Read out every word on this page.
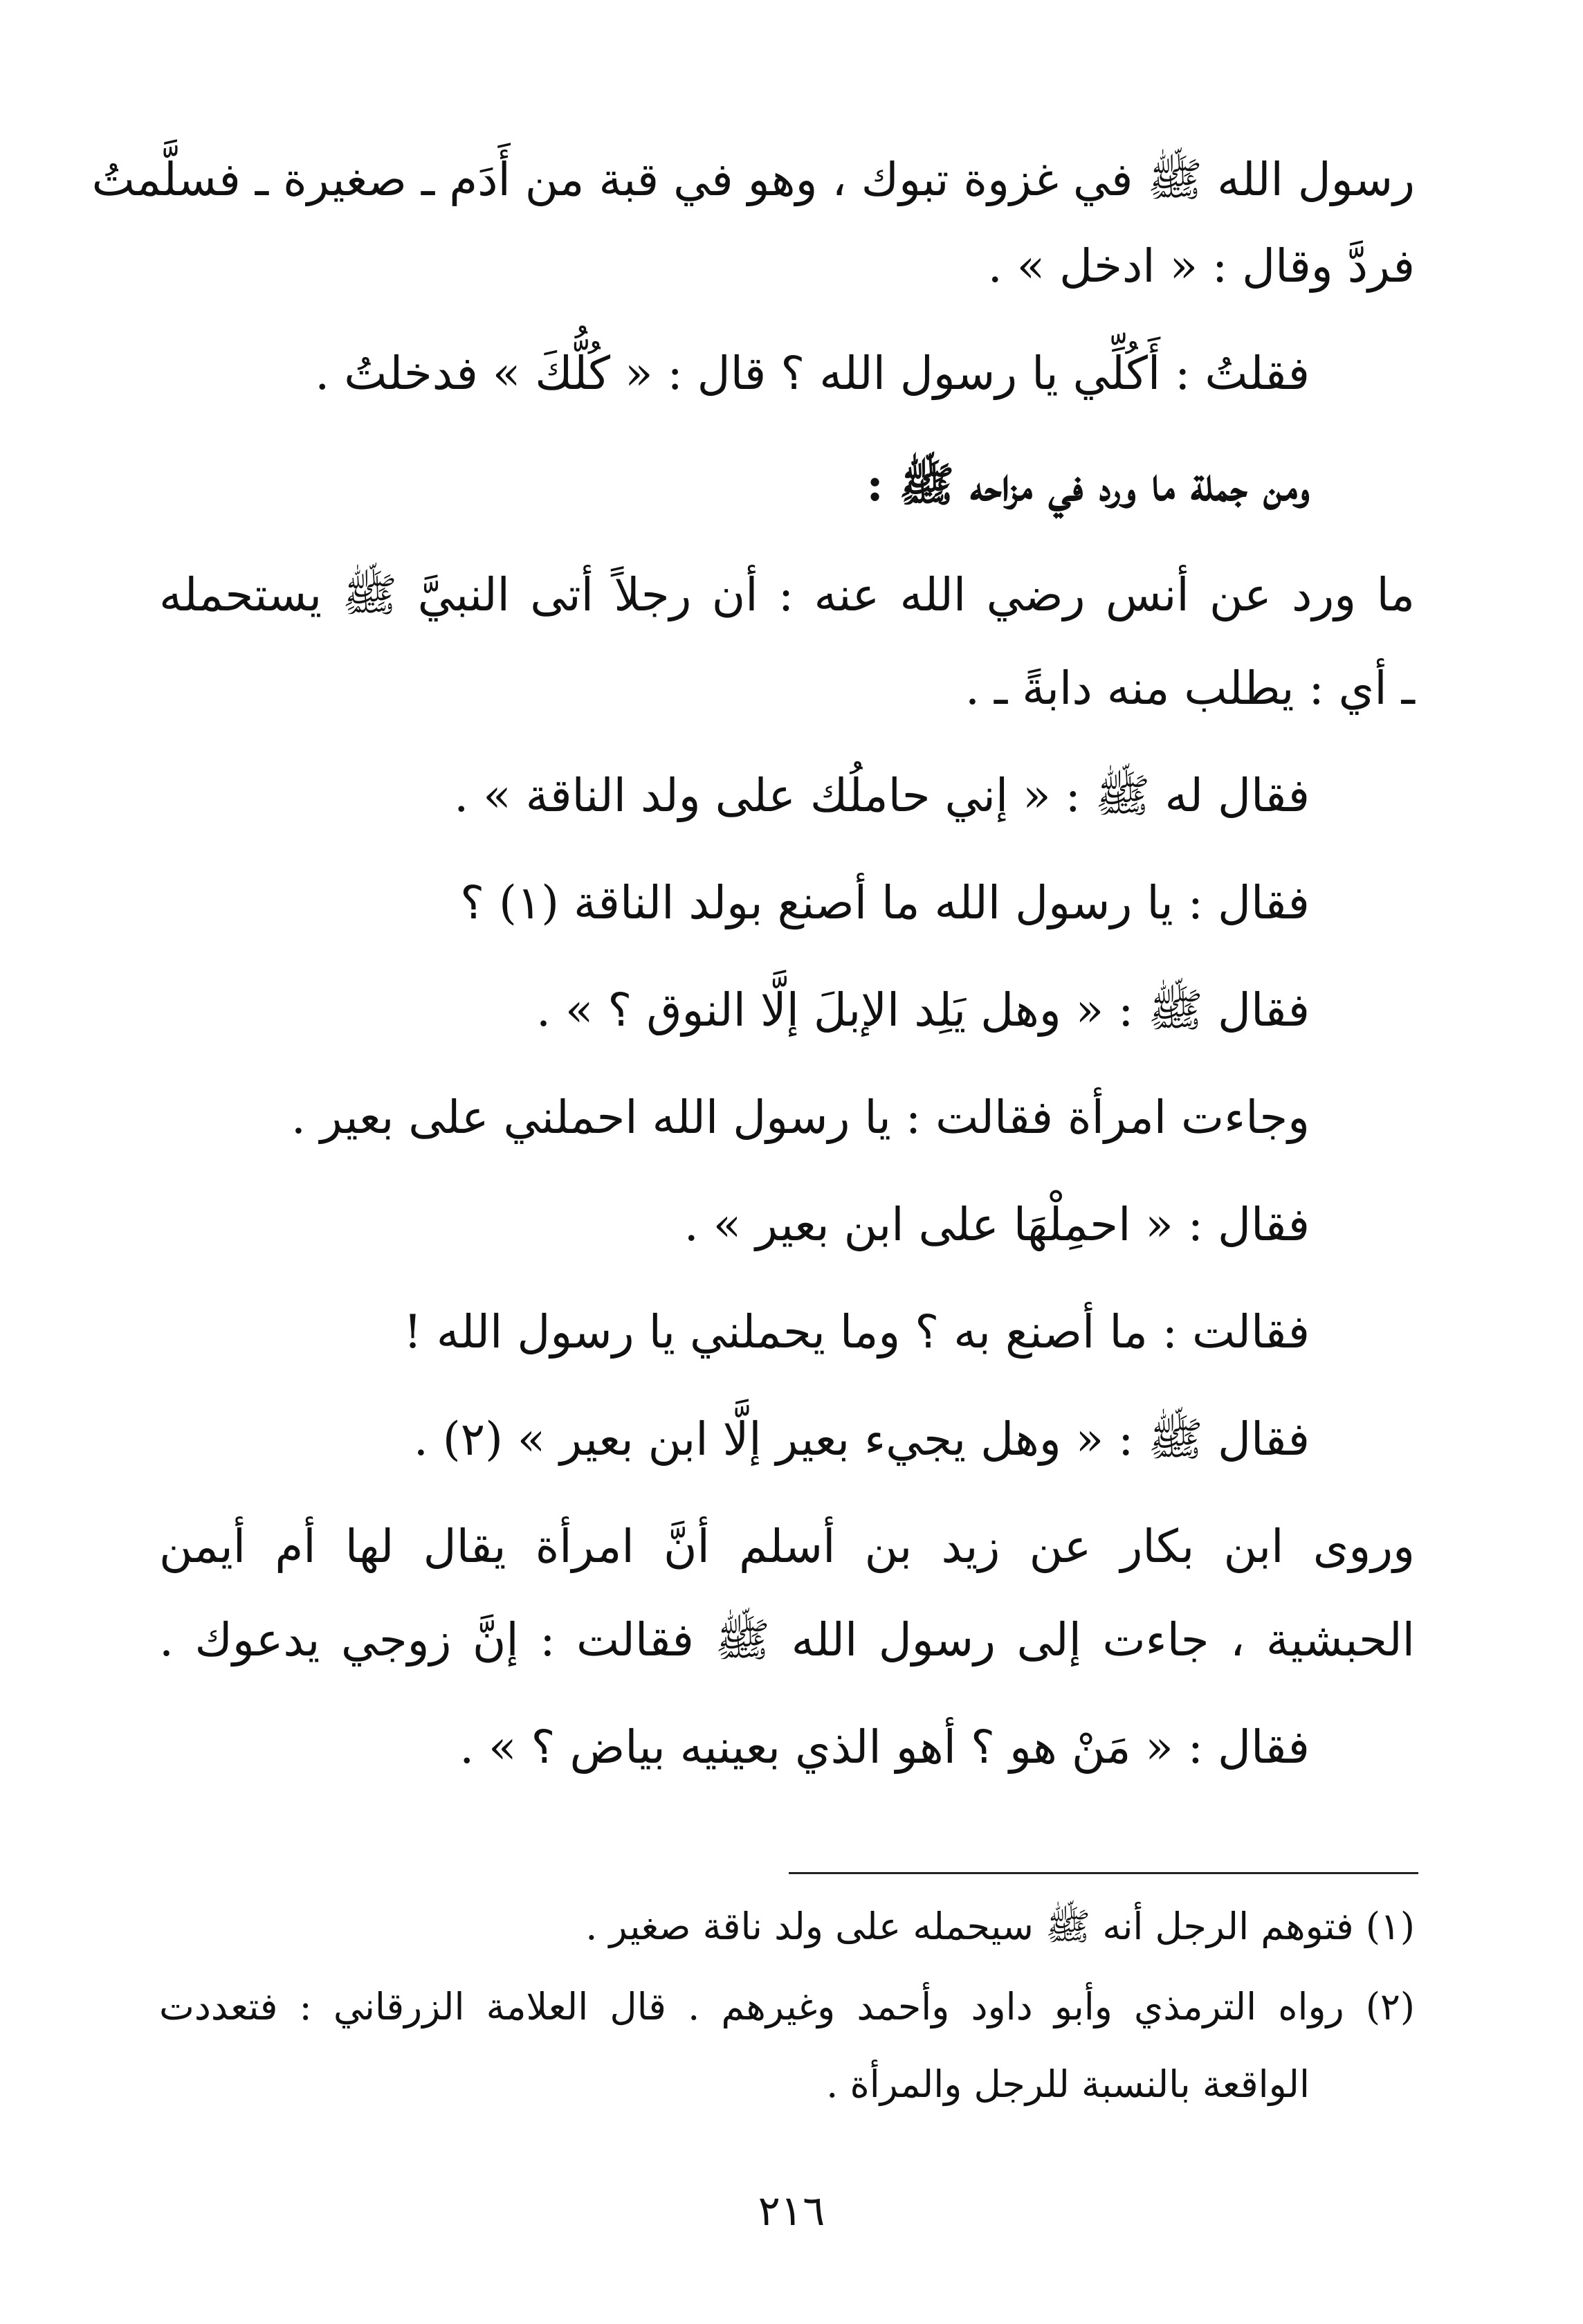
رسول الله ﷺ في غزوة تبوك ، وهو في قبة من أَدَم ـ صغيرة ـ فسلَّمتُ
فردَّ وقال : « ادخل » .
فقلتُ : أَكُلِّي يا رسول الله ؟ قال : « كُلُّكَ » فدخلتُ .
ومن جملة ما ورد في مزاحه ﷺ :
ما ورد عن أنس رضي الله عنه : أن رجلاً أتى النبيَّ ﷺ يستحمله
ـ أي : يطلب منه دابةً ـ .
فقال له ﷺ : « إني حاملُك على ولد الناقة » .
فقال : يا رسول الله ما أصنع بولد الناقة (١) ؟
فقال ﷺ : « وهل يَلِد الإبلَ إلَّا النوق ؟ » .
وجاءت امرأة فقالت : يا رسول الله احملني على بعير .
فقال : « احمِلْهَا على ابن بعير » .
فقالت : ما أصنع به ؟ وما يحملني يا رسول الله !
فقال ﷺ : « وهل يجيء بعير إلَّا ابن بعير » (٢) .
وروى ابن بكار عن زيد بن أسلم أنَّ امرأة يقال لها أم أيمن
الحبشية ، جاءت إلى رسول الله ﷺ فقالت : إنَّ زوجي يدعوك .
فقال : « مَنْ هو ؟ أهو الذي بعينيه بياض ؟ » .
(١) فتوهم الرجل أنه ﷺ سيحمله على ولد ناقة صغير .
(٢) رواه الترمذي وأبو داود وأحمد وغيرهم . قال العلامة الزرقاني : فتعددت
الواقعة بالنسبة للرجل والمرأة .
٢١٦
